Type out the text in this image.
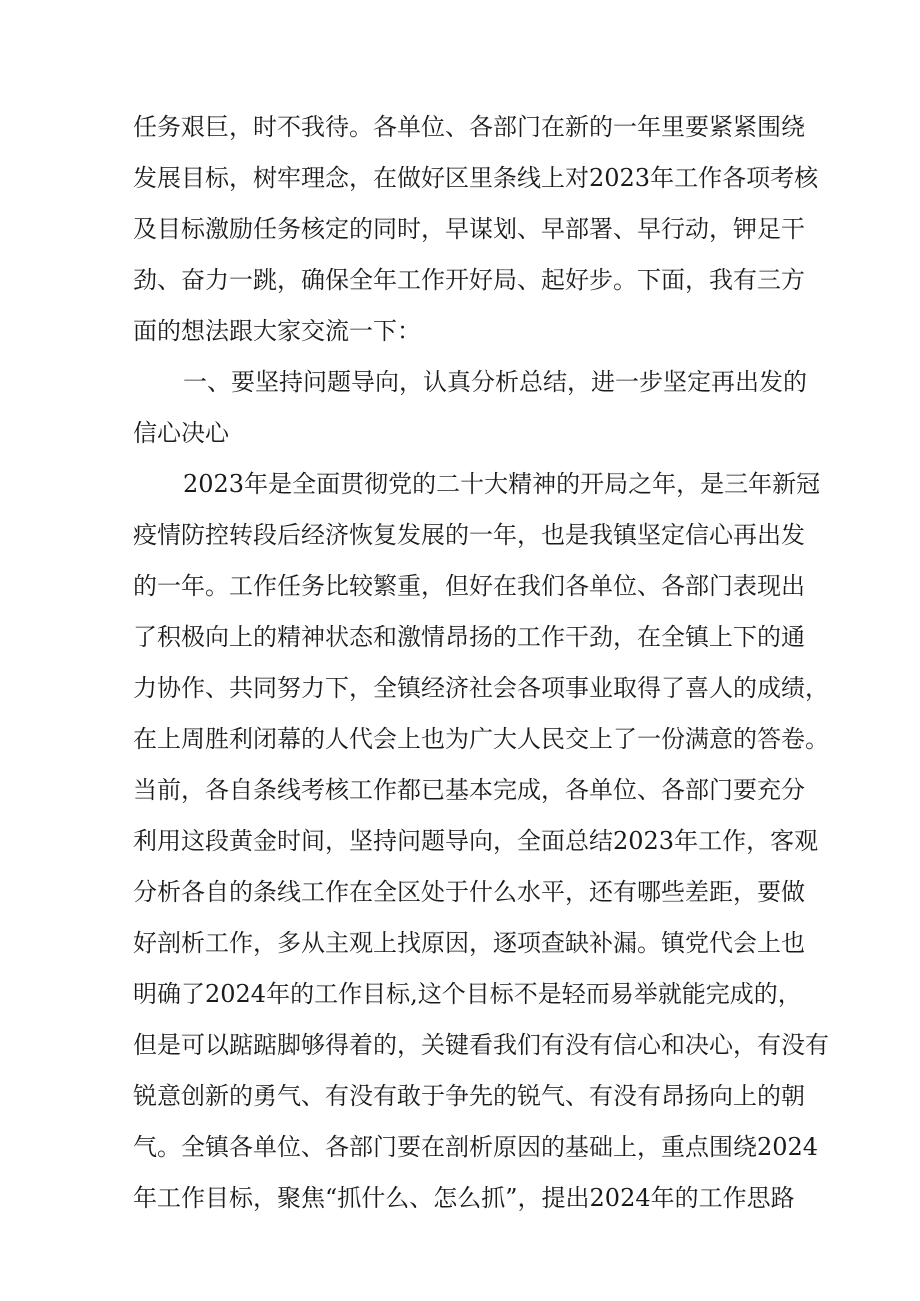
任务艰巨，时不我待。各单位、各部门在新的一年里要紧紧围绕
发展目标，树牢理念，在做好区里条线上对2023年工作各项考核
及目标激励任务核定的同时，早谋划、早部署、早行动，钾足干
劲、奋力一跳，确保全年工作开好局、起好步。下面，我有三方
面的想法跟大家交流一下：
一、要坚持问题导向，认真分析总结，进一步坚定再出发的
信心决心
2023年是全面贯彻党的二十大精神的开局之年，是三年新冠
疫情防控转段后经济恢复发展的一年，也是我镇坚定信心再出发
的一年。工作任务比较繁重，但好在我们各单位、各部门表现出
了积极向上的精神状态和激情昂扬的工作干劲，在全镇上下的通
力协作、共同努力下，全镇经济社会各项事业取得了喜人的成绩，
在上周胜利闭幕的人代会上也为广大人民交上了一份满意的答卷。
当前，各自条线考核工作都已基本完成，各单位、各部门要充分
利用这段黄金时间，坚持问题导向，全面总结2023年工作，客观
分析各自的条线工作在全区处于什么水平，还有哪些差距，要做
好剖析工作，多从主观上找原因，逐项查缺补漏。镇党代会上也
明确了2024年的工作目标,这个目标不是轻而易举就能完成的，
但是可以踮踮脚够得着的，关键看我们有没有信心和决心，有没有
锐意创新的勇气、有没有敢于争先的锐气、有没有昂扬向上的朝
气。全镇各单位、各部门要在剖析原因的基础上，重点围绕2024
年工作目标，聚焦“抓什么、怎么抓”，提出2024年的工作思路
